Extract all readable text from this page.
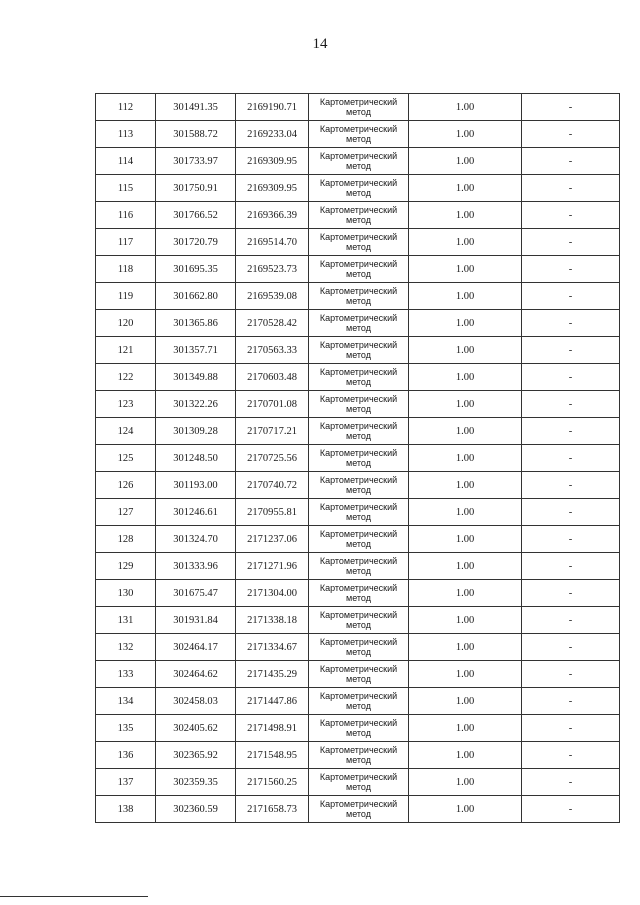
14
112	301491.35	2169190.71	Картометрический метод	1.00	-
113	301588.72	2169233.04	Картометрический метод	1.00	-
114	301733.97	2169309.95	Картометрический метод	1.00	-
115	301750.91	2169309.95	Картометрический метод	1.00	-
116	301766.52	2169366.39	Картометрический метод	1.00	-
117	301720.79	2169514.70	Картометрический метод	1.00	-
118	301695.35	2169523.73	Картометрический метод	1.00	-
119	301662.80	2169539.08	Картометрический метод	1.00	-
120	301365.86	2170528.42	Картометрический метод	1.00	-
121	301357.71	2170563.33	Картометрический метод	1.00	-
122	301349.88	2170603.48	Картометрический метод	1.00	-
123	301322.26	2170701.08	Картометрический метод	1.00	-
124	301309.28	2170717.21	Картометрический метод	1.00	-
125	301248.50	2170725.56	Картометрический метод	1.00	-
126	301193.00	2170740.72	Картометрический метод	1.00	-
127	301246.61	2170955.81	Картометрический метод	1.00	-
128	301324.70	2171237.06	Картометрический метод	1.00	-
129	301333.96	2171271.96	Картометрический метод	1.00	-
130	301675.47	2171304.00	Картометрический метод	1.00	-
131	301931.84	2171338.18	Картометрический метод	1.00	-
132	302464.17	2171334.67	Картометрический метод	1.00	-
133	302464.62	2171435.29	Картометрический метод	1.00	-
134	302458.03	2171447.86	Картометрический метод	1.00	-
135	302405.62	2171498.91	Картометрический метод	1.00	-
136	302365.92	2171548.95	Картометрический метод	1.00	-
137	302359.35	2171560.25	Картометрический метод	1.00	-
138	302360.59	2171658.73	Картометрический метод	1.00	-
